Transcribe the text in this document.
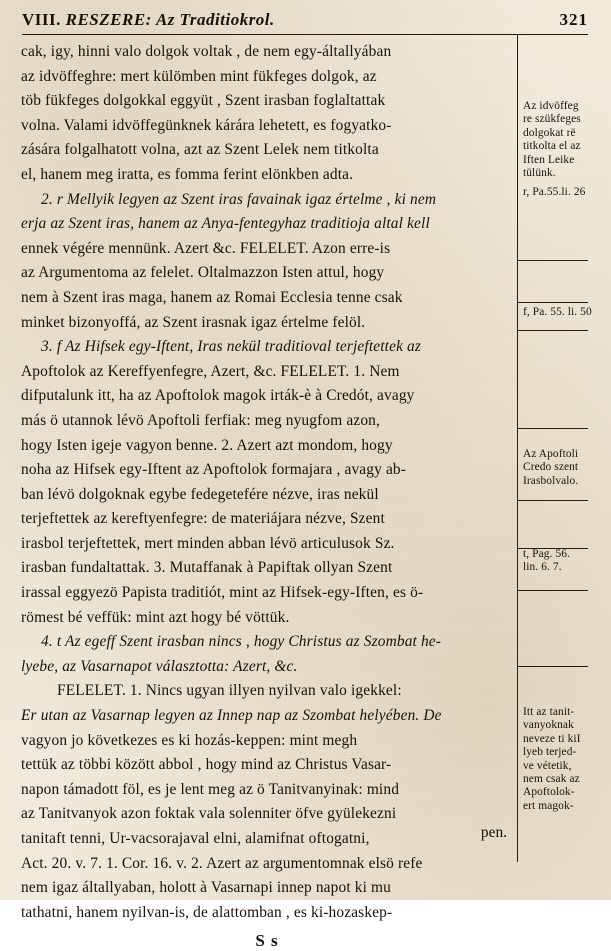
VIII. RESZERE: Az Traditiokrol.	321
cak, igy, hinni valo dolgok voltak , de nem egy-általlyában
az idvöffeghre: mert külömben mint fükfeges dolgok, az
töb fükfeges dolgokkal eggyüt , Szent irasban foglaltattak
volna. Valami idvöffegünknek kárára lehetett, es fogyatko-
zására folgalhatott volna, azt az Szent Lelek nem titkolta
el, hanem meg iratta, es fomma ferint elönkben adta.
2. r Mellyik legyen az Szent iras favainak igaz értelme , ki nem
erja az Szent iras, hanem az Anya-fentegyhaz traditioja altal kell
ennek végére mennünk. Azert &c. FELELET. Azon erre-is
az Argumentoma az felelet. Oltalmazzon Isten attul, hogy
nem à Szent iras maga, hanem az Romai Ecclesia tenne csak
minket bizonyoffá, az Szent irasnak igaz értelme felöl.
3. f Az Hifsek egy-Iftent, Iras nekül traditioval terjeftettek az
Apoftolok az Kereffyenfegre, Azert, &c. FELELET. 1. Nem
difputalunk itt, ha az Apoftolok magok irták-è à Credót, avagy
más ö utannok lévö Apoftoli ferfiak: meg nyugfom azon,
hogy Isten igeje vagyon benne. 2. Azert azt mondom, hogy
noha az Hifsek egy-Iftent az Apoftolok formajara , avagy ab-
ban lévö dolgoknak egybe fedegetefére nézve, iras nekül
terjeftettek az kereftyenfegre: de materiájara nézve, Szent
irasbol terjeftettek, mert minden abban lévö articulusok Sz.
irasban fundaltattak. 3. Mutaffanak à Papiftak ollyan Szent
irassal eggyezö Papista traditiót, mint az Hifsek-egy-Iften, es ö-
römest bé veffük: mint azt hogy bé vöttük.
4. t Az egeff Szent irasban nincs , hogy Christus az Szombat he-
lyebe, az Vasarnapot választotta: Azert, &c.
FELELET. 1. Nincs ugyan illyen nyilvan valo igekkel:
Er utan az Vasarnap legyen az Innep nap az Szombat helyében. De
vagyon jo következes es ki hozás-keppen: mint megh
tettük az többi között abbol , hogy mind az Christus Vasar-
napon támadott föl, es je lent meg az ö Tanitvanyinak: mind
az Tanitvanyok azon foktak vala solenniter öfve gyülekezni
tanitaft tenni, Ur-vacsorajaval elni, alamifnat oftogatni,
Act. 20. v. 7. 1. Cor. 16. v. 2. Azert az argumentomnak elsö refe
nem igaz általlyaban, holott à Vasarnapi innep napot ki mu
tathatni, hanem nyilvan-is, de alattomban , es ki-hozaskep-
S s
pen.
Az idvöffeg
re szükfeges
dolgokat rë
titkolta el az
Iften Leike
tülünk.
r, Pa.55.li. 26
f, Pa. 55. li. 50
Az Apoftoli
Credo szent
Irasbolvalo.
t, Pag. 56.
lin. 6. 7.
Itt az tanit-
vanyoknak
neveze ti kiI
lyeb terjed-
ve vétetik,
nem csak az
Apoftolok-
ert magok-
